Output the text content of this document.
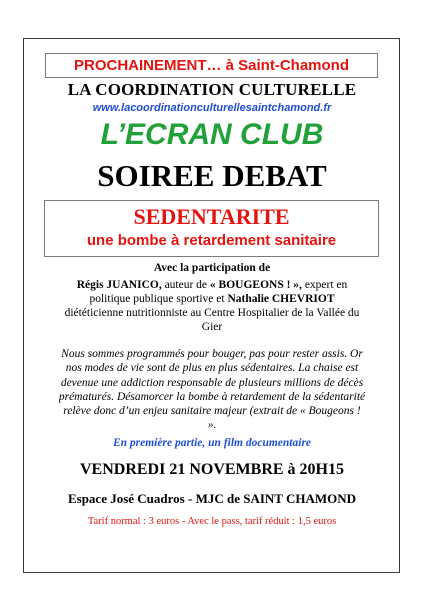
PROCHAINEMENT… à Saint-Chamond
LA COORDINATION CULTURELLE
www.lacoordinationculturellesaintchamond.fr
L’ECRAN CLUB
SOIREE DEBAT
SEDENTARITE
une bombe à retardement sanitaire
Avec la participation de
Régis JUANICO, auteur de « BOUGEONS ! », expert en politique publique sportive et Nathalie CHEVRIOT diététicienne nutritionniste au Centre Hospitalier de la Vallée du Gier
Nous sommes programmés pour bouger, pas pour rester assis. Or nos modes de vie sont de plus en plus sédentaires. La chaise est devenue une addiction responsable de plusieurs millions de décès prématurés. Désamorcer la bombe à retardement de la sédentarité relève donc d’un enjeu sanitaire majeur (extrait de « Bougeons ! ».
En première partie, un film documentaire
VENDREDI 21 NOVEMBRE à 20H15
Espace José Cuadros - MJC de SAINT CHAMOND
Tarif normal : 3 euros - Avec le pass, tarif réduit : 1,5 euros
